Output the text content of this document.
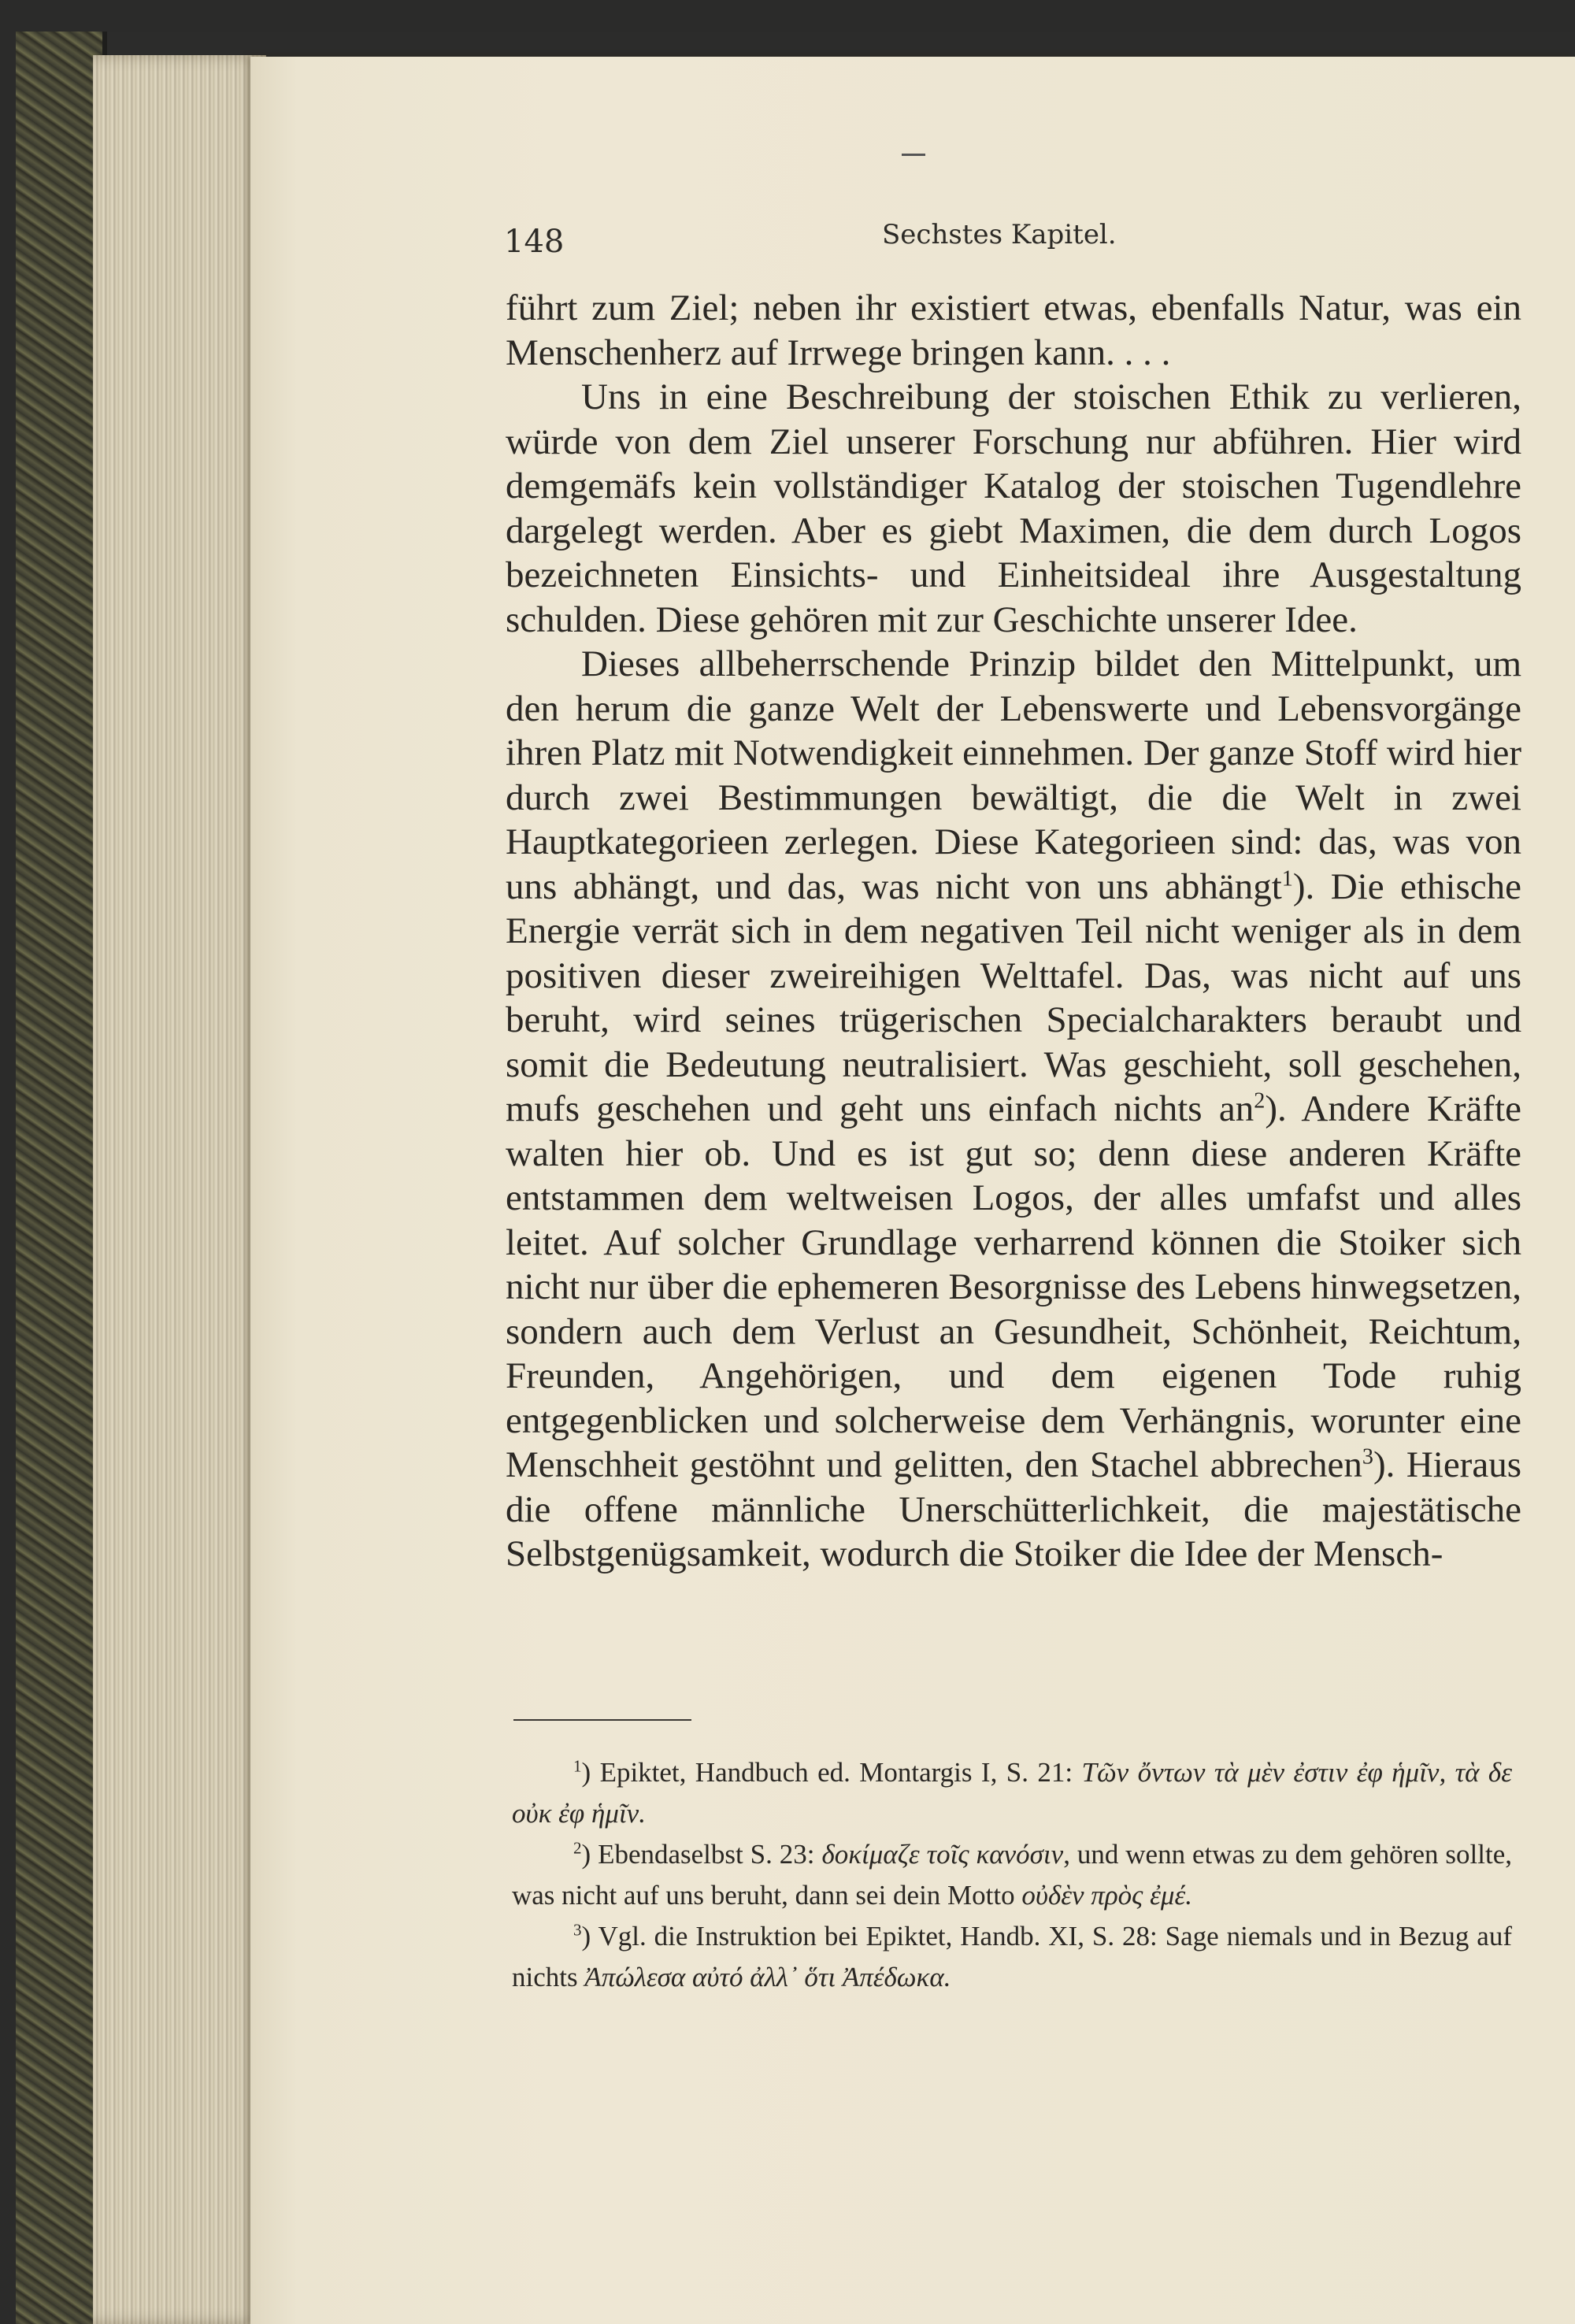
148	Sechstes Kapitel.

führt zum Ziel; neben ihr existiert etwas, ebenfalls Natur, was ein Menschenherz auf Irrwege bringen kann. . . .

Uns in eine Beschreibung der stoischen Ethik zu verlieren, würde von dem Ziel unserer Forschung nur abführen. Hier wird demgemäfs kein vollständiger Katalog der stoischen Tugendlehre dargelegt werden. Aber es giebt Maximen, die dem durch Logos bezeichneten Einsichts- und Einheitsideal ihre Ausgestaltung schulden. Diese gehören mit zur Geschichte unserer Idee.

Dieses allbeherrschende Prinzip bildet den Mittelpunkt, um den herum die ganze Welt der Lebenswerte und Lebensvorgänge ihren Platz mit Notwendigkeit einnehmen. Der ganze Stoff wird hier durch zwei Bestimmungen bewältigt, die die Welt in zwei Hauptkategorieen zerlegen. Diese Kategorieen sind: das, was von uns abhängt, und das, was nicht von uns abhängt$^1$). Die ethische Energie verrät sich in dem negativen Teil nicht weniger als in dem positiven dieser zweireihigen Welttafel. Das, was nicht auf uns beruht, wird seines trügerischen Specialcharakters beraubt und somit die Bedeutung neutralisiert. Was geschieht, soll geschehen, mufs geschehen und geht uns einfach nichts $an^2$). Andere Kräfte walten hier ob. Und es ist gut so; denn diese anderen Kräfte entstammen dem weltweisen Logos, der alles umfafst und alles leitet. Auf solcher Grundlage verharrend können die Stoiker sich nicht nur über die ephemeren Besorgnisse des Lebens hinwegsetzen, sondern auch dem Verlust an Gesundheit, Schönheit, Reichtum, Freunden, Angehörigen, und dem eigenen Tode ruhig entgegenblicken und solcherweise dem Verhängnis, worunter eine Menschheit gestöhnt und gelitten, den Stachel abbrechen$^3$). Hieraus die offene männliche Unerschütterlichkeit, die majestätische Selbstgenügsamkeit, wodurch die Stoiker die Idee der Mensch-

$^1$) Epiktet, Handbuch ed. Montargis I, S. 21: Τῶν ὄντων τὰ μὲν ἐστιν ἐφ ἡμῖν, τὰ δε οὐκ ἐφ ἡμῖν.

$^2$) Ebendaselbst S. 23: δοκίμαζε τοῖς κανόσιν, und wenn etwas zu dem gehören sollte, was nicht auf uns beruht, dann sei dein Motto οὐδὲν πρὸς ἐμέ.

$^3$) Vgl. die Instruktion bei Epiktet, Handb. XI, S. 28: Sage niemals und in Bezug auf nichts Ἀπώλεσα αὐτό ἀλλ᾽ ὅτι Ἀπέδωκα.
